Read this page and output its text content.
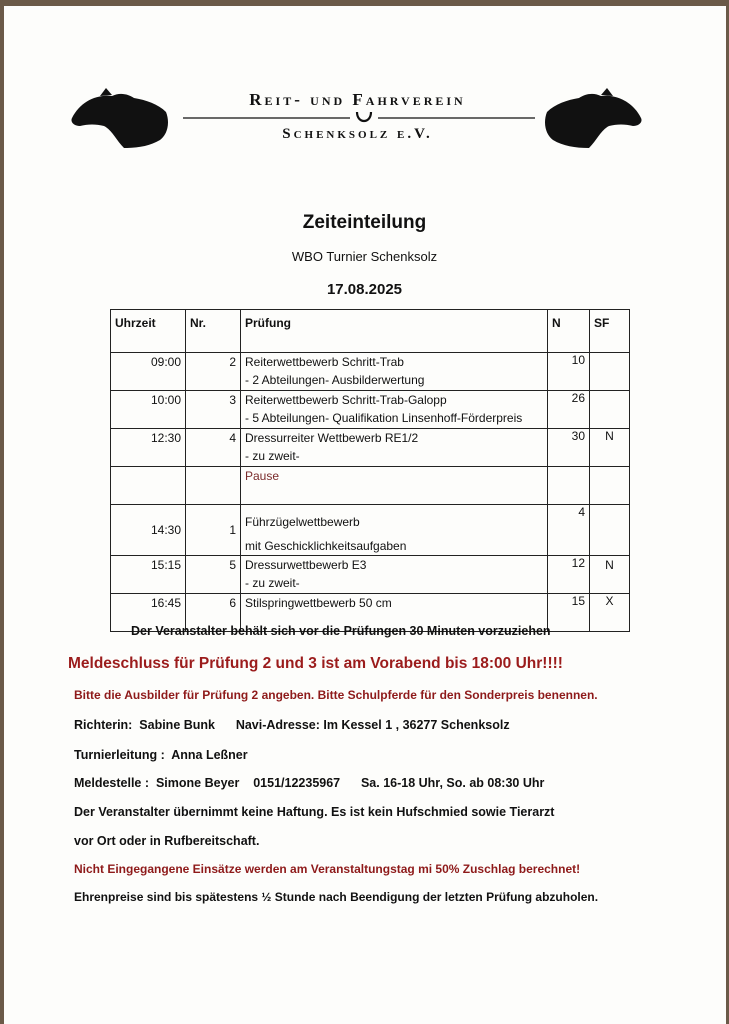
Reit- und Fahrverein
Schenksolz e.V.
Zeiteinteilung
WBO Turnier Schenksolz
17.08.2025
Uhrzeit	Nr.	Prüfung	N	SF

09:00	2	Reiterwettbewerb Schritt-Trab
- 2 Abteilungen- Ausbilderwertung	10	

10:00	3	Reiterwettbewerb Schritt-Trab-Galopp
- 5 Abteilungen- Qualifikation Linsenhoff-Förderpreis	26	

12:30	4	Dressurreiter Wettbewerb RE1/2
- zu zweit-	30	N

		Pause		

14:30	1	Führzügelwettbewerb
mit Geschicklichkeitsaufgaben	4	

15:15	5	Dressurwettbewerb E3
- zu zweit-	12	N

16:45	6	Stilspringwettbewerb 50 cm	15	X
Der Veranstalter behält sich vor die Prüfungen 30 Minuten vorzuziehen
Meldeschluss für Prüfung 2 und 3 ist am Vorabend bis 18:00 Uhr!!!!
Bitte die Ausbilder für Prüfung 2 angeben. Bitte Schulpferde für den Sonderpreis benennen.
Richterin:  Sabine Bunk      Navi-Adresse: Im Kessel 1 , 36277 Schenksolz
Turnierleitung :  Anna Leßner
Meldestelle :  Simone Beyer    0151/12235967      Sa. 16-18 Uhr, So. ab 08:30 Uhr
Der Veranstalter übernimmt keine Haftung. Es ist kein Hufschmied sowie Tierarzt
vor Ort oder in Rufbereitschaft.
Nicht Eingegangene Einsätze werden am Veranstaltungstag mi 50% Zuschlag berechnet!
Ehrenpreise sind bis spätestens ½ Stunde nach Beendigung der letzten Prüfung abzuholen.
